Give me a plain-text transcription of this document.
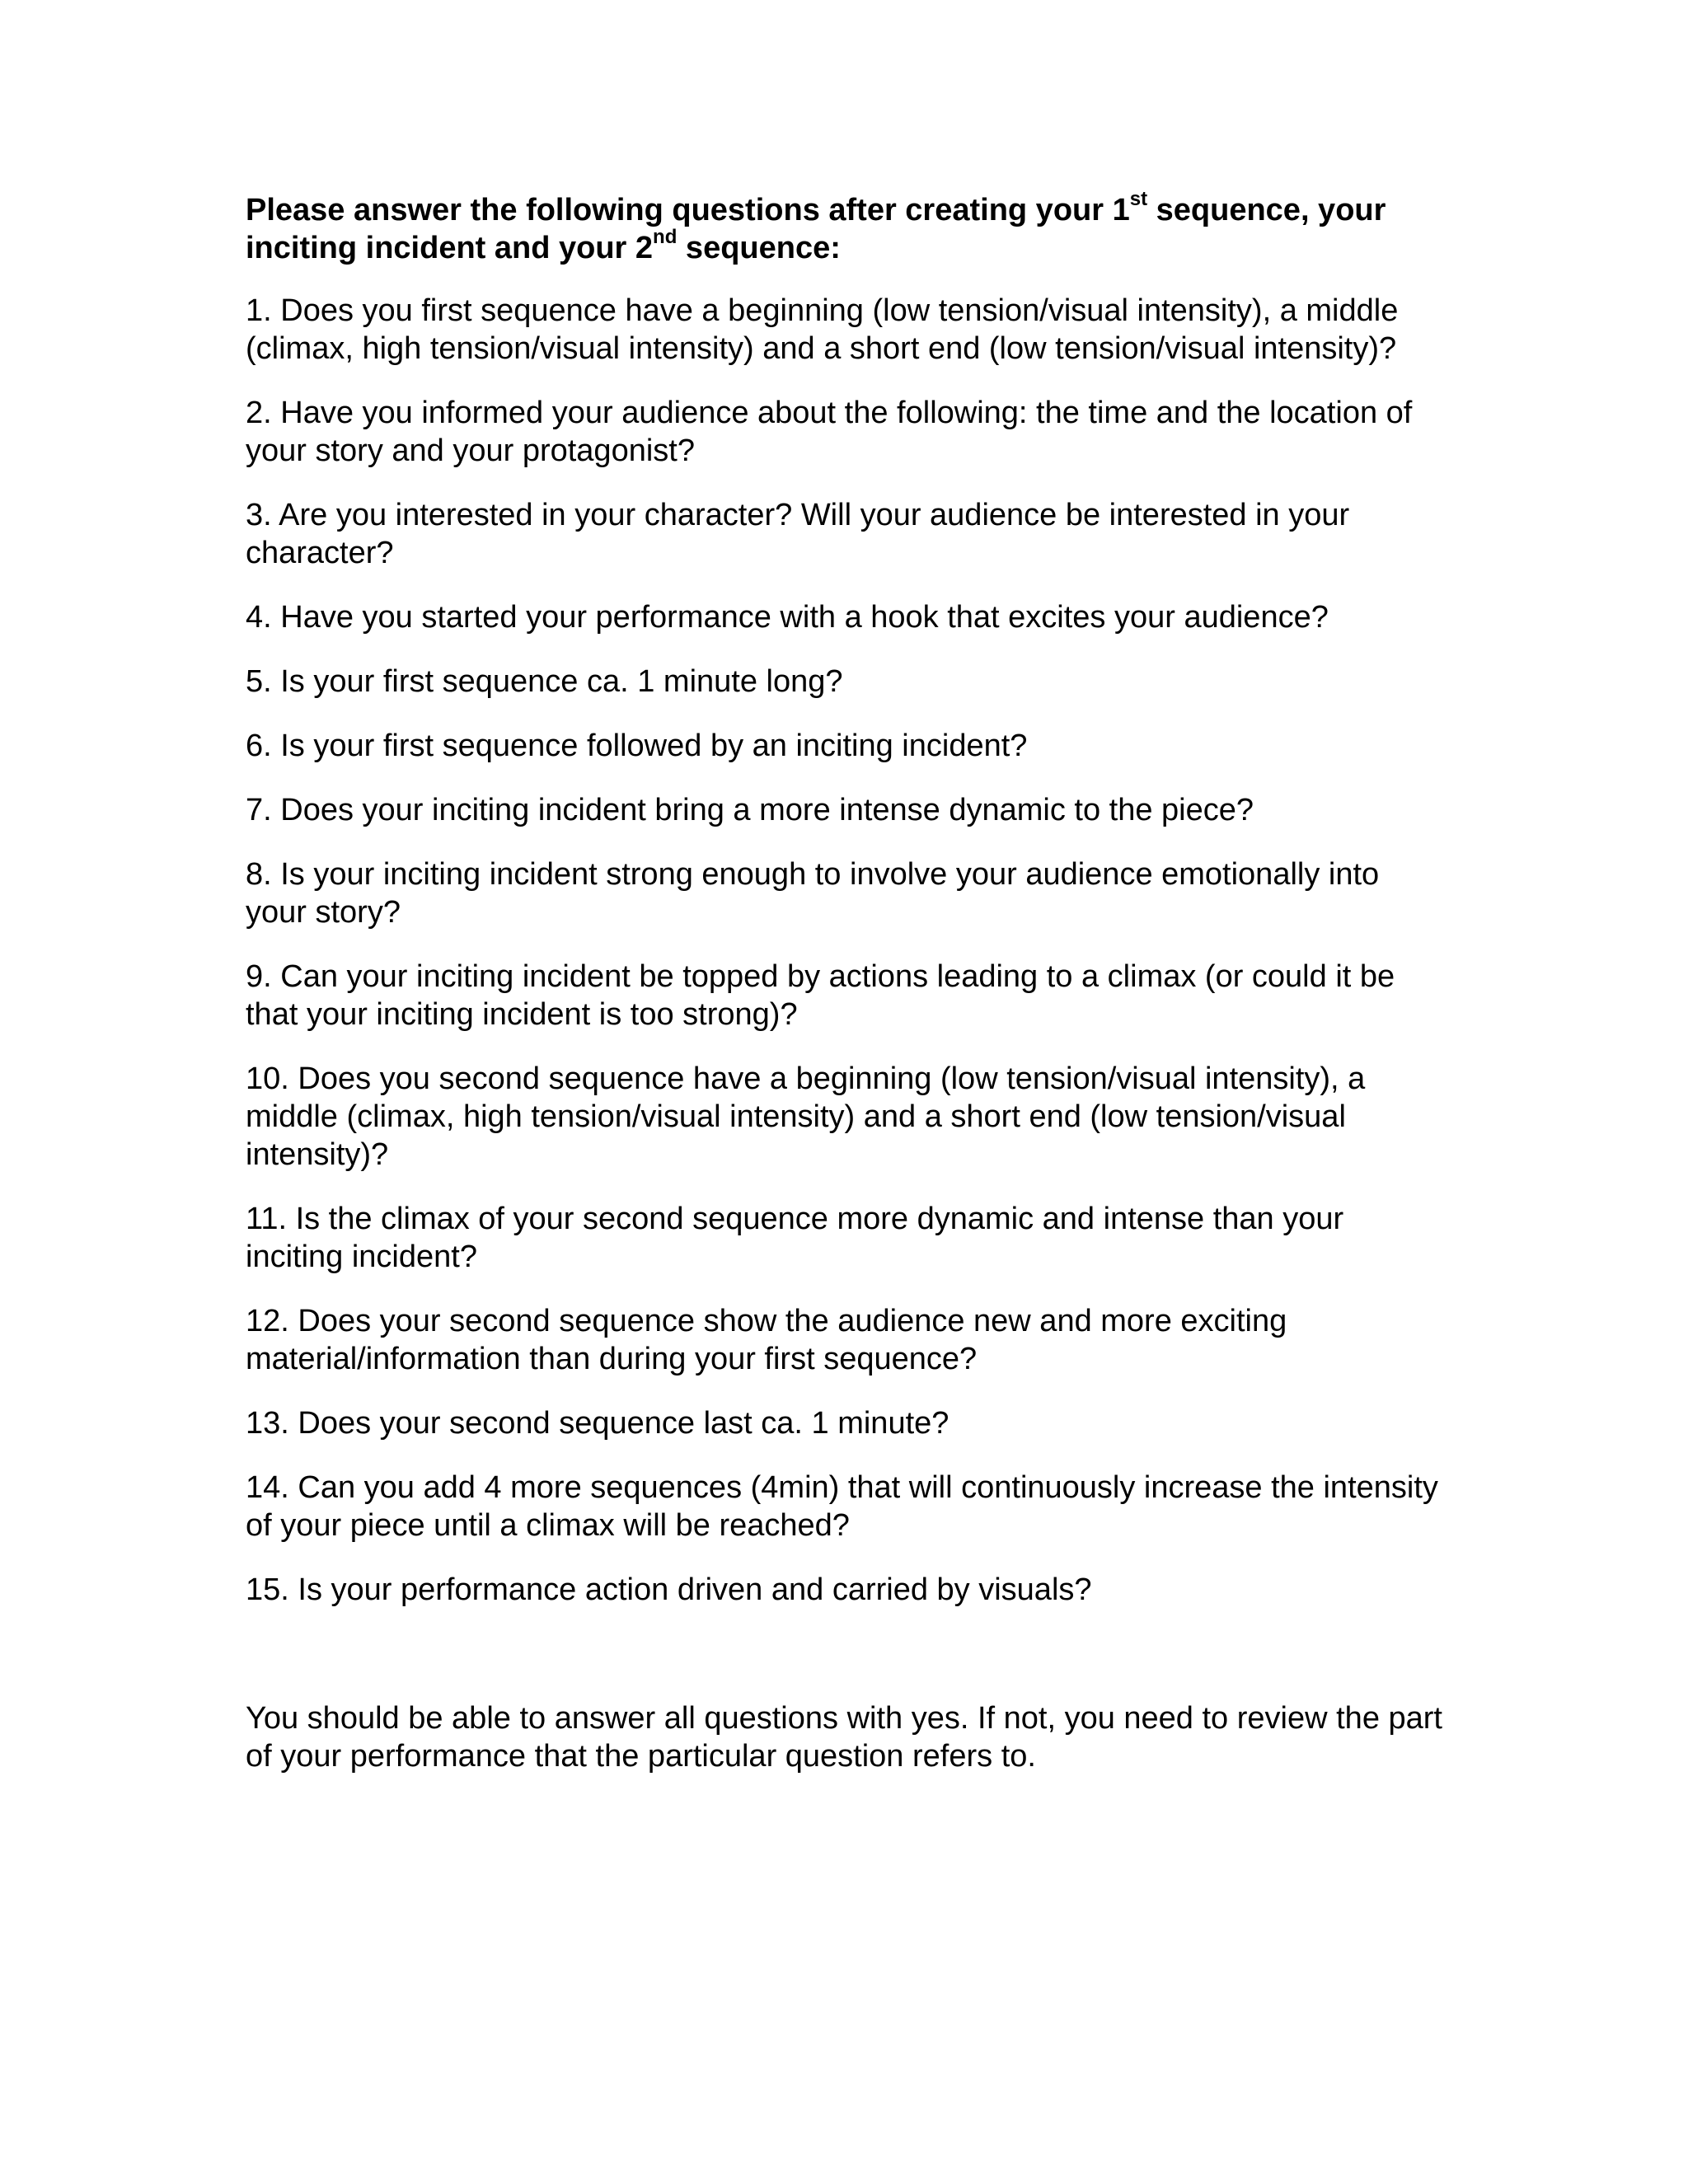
Please answer the following questions after creating your 1st sequence, your inciting incident and your 2nd sequence:

1. Does you first sequence have a beginning (low tension/visual intensity), a middle (climax, high tension/visual intensity) and a short end (low tension/visual intensity)?
2. Have you informed your audience about the following: the time and the location of your story and your protagonist?
3. Are you interested in your character? Will your audience be interested in your character?
4. Have you started your performance with a hook that excites your audience?
5. Is your first sequence ca. 1 minute long?
6. Is your first sequence followed by an inciting incident?
7. Does your inciting incident bring a more intense dynamic to the piece?
8. Is your inciting incident strong enough to involve your audience emotionally into your story?
9. Can your inciting incident be topped by actions leading to a climax (or could it be that your inciting incident is too strong)?
10. Does you second sequence have a beginning (low tension/visual intensity), a middle (climax, high tension/visual intensity) and a short end (low tension/visual intensity)?
11. Is the climax of your second sequence more dynamic and intense than your inciting incident?
12. Does your second sequence show the audience new and more exciting material/information than during your first sequence?
13. Does your second sequence last ca. 1 minute?
14. Can you add 4 more sequences (4min) that will continuously increase the intensity of your piece until a climax will be reached?
15. Is your performance action driven and carried by visuals?

You should be able to answer all questions with yes. If not, you need to review the part of your performance that the particular question refers to.
